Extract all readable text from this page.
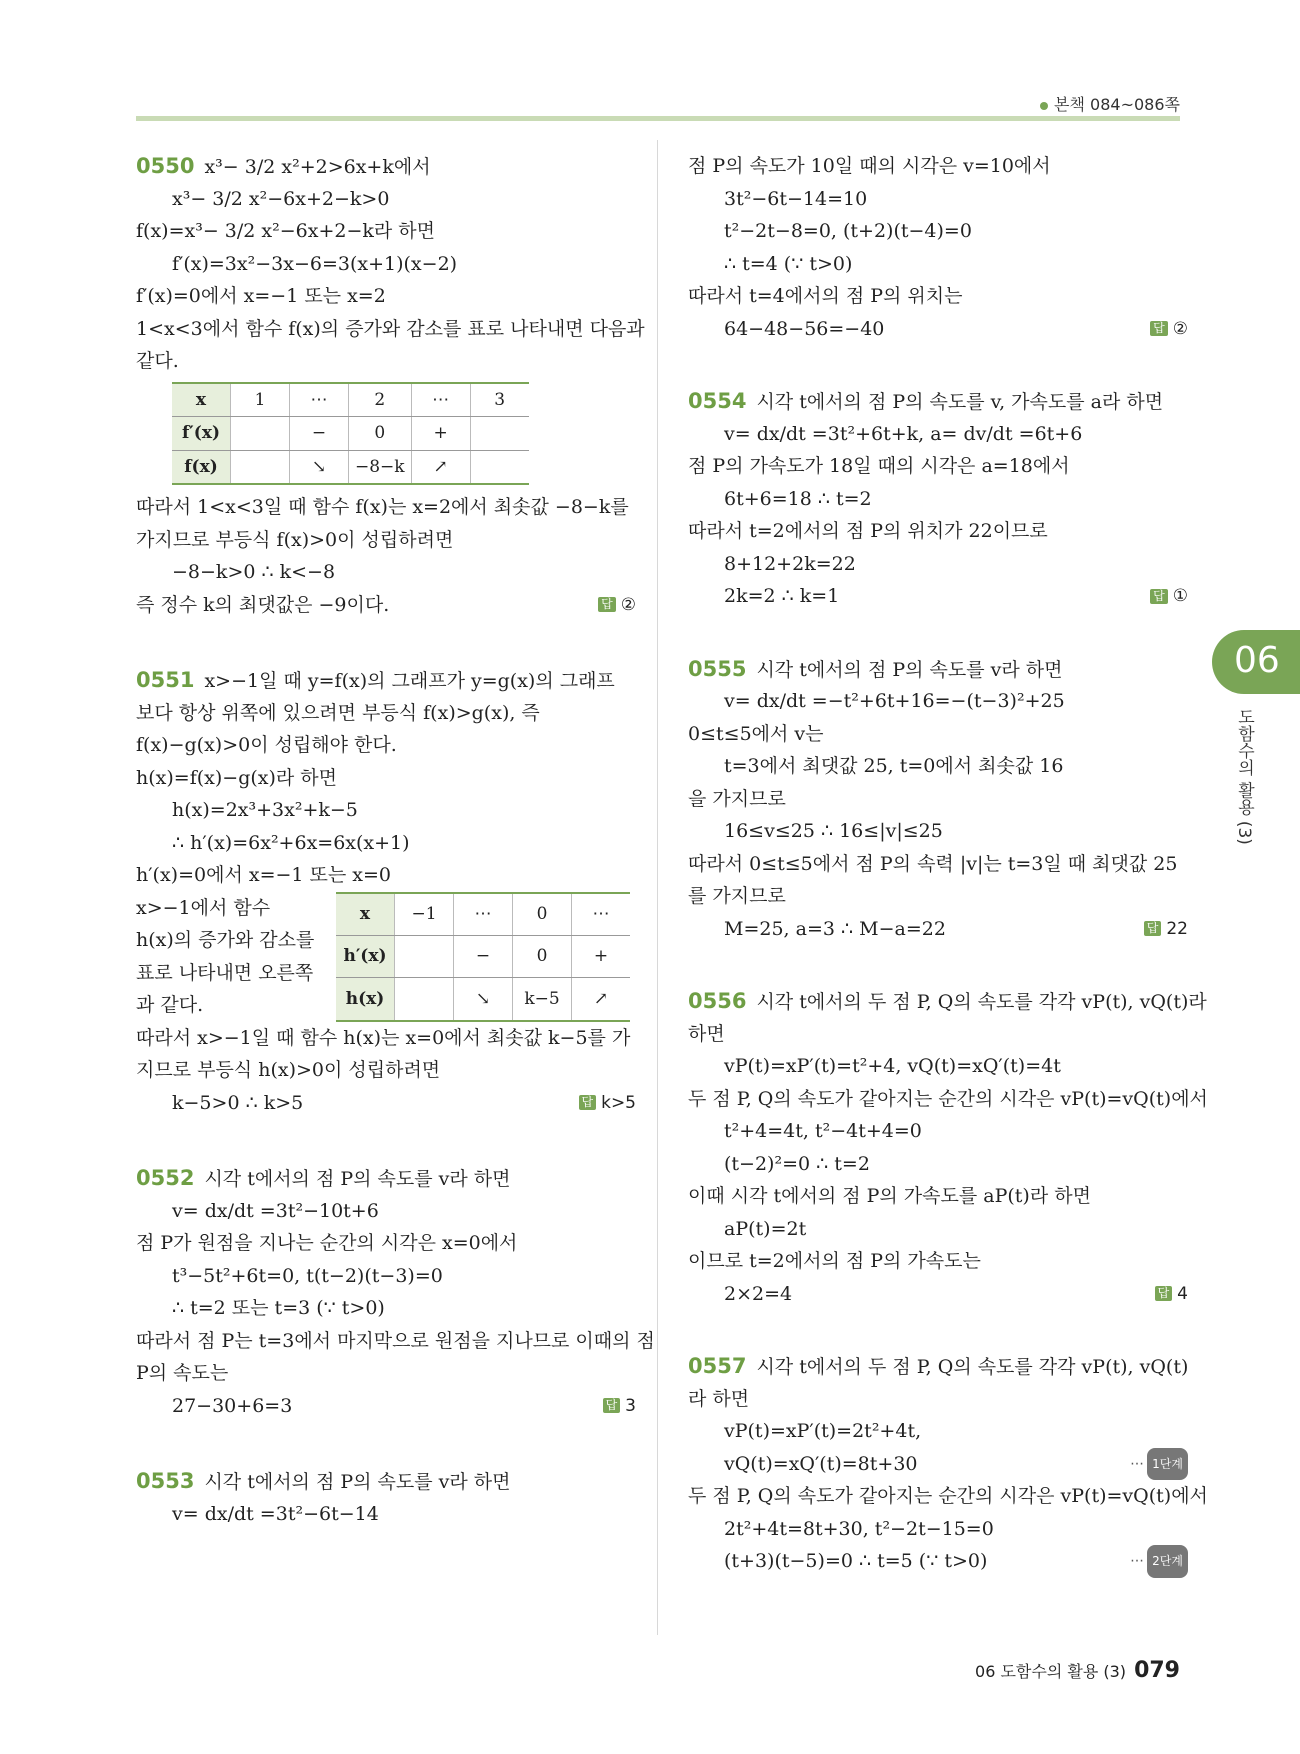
본책 084~086쪽
0550 x³− 3/2 x²+2>6x+k에서
x³− 3/2 x²−6x+2−k>0
f(x)=x³− 3/2 x²−6x+2−k라 하면
f′(x)=3x²−3x−6=3(x+1)(x−2)
f′(x)=0에서 x=−1 또는 x=2
1<x<3에서 함수 f(x)의 증가와 감소를 표로 나타내면 다음과
같다.
x	1	⋯	2	⋯	3
f′(x)		−	0	+	
f(x)		↘	−8−k	↗	
따라서 1<x<3일 때 함수 f(x)는 x=2에서 최솟값 −8−k를
가지므로 부등식 f(x)>0이 성립하려면
−8−k>0 ∴ k<−8
즉 정수 k의 최댓값은 −9이다.	답 ②
0551 x>−1일 때 y=f(x)의 그래프가 y=g(x)의 그래프
보다 항상 위쪽에 있으려면 부등식 f(x)>g(x), 즉
f(x)−g(x)>0이 성립해야 한다.
h(x)=f(x)−g(x)라 하면
h(x)=2x³+3x²+k−5
∴ h′(x)=6x²+6x=6x(x+1)
h′(x)=0에서 x=−1 또는 x=0
x>−1에서 함수
h(x)의 증가와 감소를
표로 나타내면 오른쪽
과 같다.
x	−1	⋯	0	⋯
h′(x)		−	0	+
h(x)		↘	k−5	↗
따라서 x>−1일 때 함수 h(x)는 x=0에서 최솟값 k−5를 가
지므로 부등식 h(x)>0이 성립하려면
k−5>0 ∴ k>5	답 k>5
0552 시각 t에서의 점 P의 속도를 v라 하면
v= dx/dt =3t²−10t+6
점 P가 원점을 지나는 순간의 시각은 x=0에서
t³−5t²+6t=0, t(t−2)(t−3)=0
∴ t=2 또는 t=3 (∵ t>0)
따라서 점 P는 t=3에서 마지막으로 원점을 지나므로 이때의 점
P의 속도는
27−30+6=3	답 3
0553 시각 t에서의 점 P의 속도를 v라 하면
v= dx/dt =3t²−6t−14
점 P의 속도가 10일 때의 시각은 v=10에서
3t²−6t−14=10
t²−2t−8=0, (t+2)(t−4)=0
∴ t=4 (∵ t>0)
따라서 t=4에서의 점 P의 위치는
64−48−56=−40	답 ②
0554 시각 t에서의 점 P의 속도를 v, 가속도를 a라 하면
v= dx/dt =3t²+6t+k, a= dv/dt =6t+6
점 P의 가속도가 18일 때의 시각은 a=18에서
6t+6=18 ∴ t=2
따라서 t=2에서의 점 P의 위치가 22이므로
8+12+2k=22
2k=2 ∴ k=1	답 ①
0555 시각 t에서의 점 P의 속도를 v라 하면
v= dx/dt =−t²+6t+16=−(t−3)²+25
0≤t≤5에서 v는
t=3에서 최댓값 25, t=0에서 최솟값 16
을 가지므로
16≤v≤25 ∴ 16≤|v|≤25
따라서 0≤t≤5에서 점 P의 속력 |v|는 t=3일 때 최댓값 25
를 가지므로
M=25, a=3 ∴ M−a=22	답 22
0556 시각 t에서의 두 점 P, Q의 속도를 각각 vP(t), vQ(t)라
하면
vP(t)=xP′(t)=t²+4, vQ(t)=xQ′(t)=4t
두 점 P, Q의 속도가 같아지는 순간의 시각은 vP(t)=vQ(t)에서
t²+4=4t, t²−4t+4=0
(t−2)²=0 ∴ t=2
이때 시각 t에서의 점 P의 가속도를 aP(t)라 하면
aP(t)=2t
이므로 t=2에서의 점 P의 가속도는
2×2=4	답 4
0557 시각 t에서의 두 점 P, Q의 속도를 각각 vP(t), vQ(t)
라 하면
vP(t)=xP′(t)=2t²+4t,
vQ(t)=xQ′(t)=8t+30	⋯ 1단계
두 점 P, Q의 속도가 같아지는 순간의 시각은 vP(t)=vQ(t)에서
2t²+4t=8t+30, t²−2t−15=0
(t+3)(t−5)=0 ∴ t=5 (∵ t>0)	⋯ 2단계
06
도함수의 활용 (3)
06 도함수의 활용 (3) 079
